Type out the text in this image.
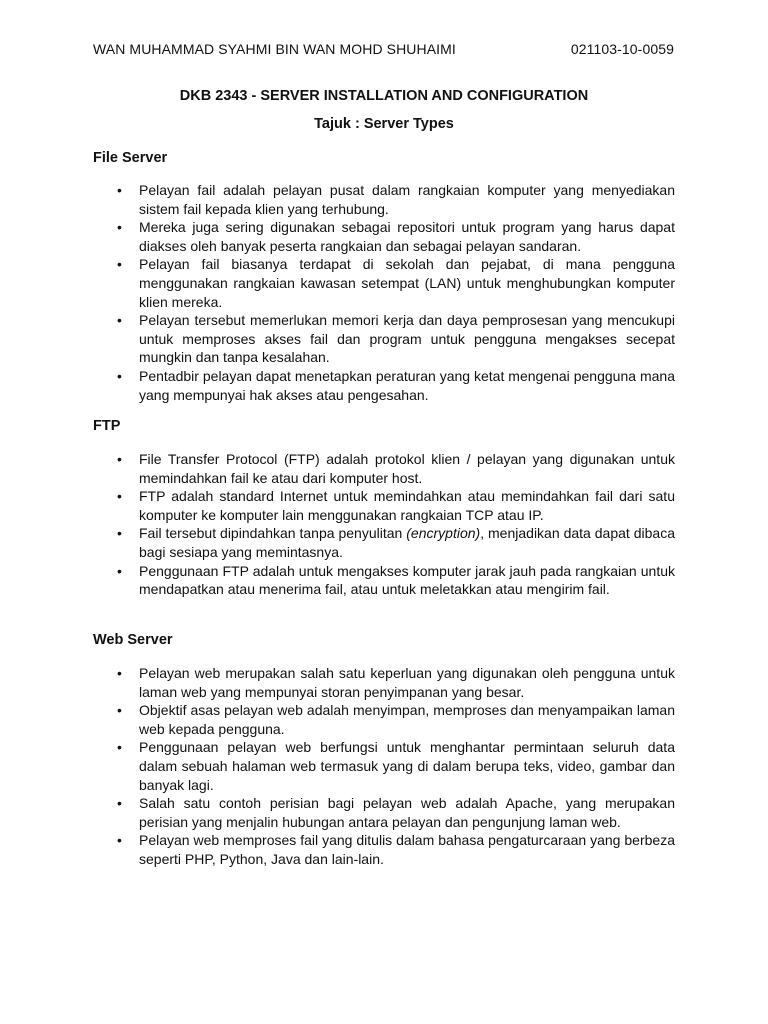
WAN MUHAMMAD SYAHMI BIN WAN MOHD SHUHAIMI	021103-10-0059
DKB 2343 - SERVER INSTALLATION AND CONFIGURATION
Tajuk : Server Types
File Server
• Pelayan fail adalah pelayan pusat dalam rangkaian komputer yang menyediakan sistem fail kepada klien yang terhubung.
• Mereka juga sering digunakan sebagai repositori untuk program yang harus dapat diakses oleh banyak peserta rangkaian dan sebagai pelayan sandaran.
• Pelayan fail biasanya terdapat di sekolah dan pejabat, di mana pengguna menggunakan rangkaian kawasan setempat (LAN) untuk menghubungkan komputer klien mereka.
• Pelayan tersebut memerlukan memori kerja dan daya pemprosesan yang mencukupi untuk memproses akses fail dan program untuk pengguna mengakses secepat mungkin dan tanpa kesalahan.
• Pentadbir pelayan dapat menetapkan peraturan yang ketat mengenai pengguna mana yang mempunyai hak akses atau pengesahan.
FTP
• File Transfer Protocol (FTP) adalah protokol klien / pelayan yang digunakan untuk memindahkan fail ke atau dari komputer host.
• FTP adalah standard Internet untuk memindahkan atau memindahkan fail dari satu komputer ke komputer lain menggunakan rangkaian TCP atau IP.
• Fail tersebut dipindahkan tanpa penyulitan (encryption), menjadikan data dapat dibaca bagi sesiapa yang memintasnya.
• Penggunaan FTP adalah untuk mengakses komputer jarak jauh pada rangkaian untuk mendapatkan atau menerima fail, atau untuk meletakkan atau mengirim fail.
Web Server
• Pelayan web merupakan salah satu keperluan yang digunakan oleh pengguna untuk laman web yang mempunyai storan penyimpanan yang besar.
• Objektif asas pelayan web adalah menyimpan, memproses dan menyampaikan laman web kepada pengguna.
• Penggunaan pelayan web berfungsi untuk menghantar permintaan seluruh data dalam sebuah halaman web termasuk yang di dalam berupa teks, video, gambar dan banyak lagi.
• Salah satu contoh perisian bagi pelayan web adalah Apache, yang merupakan perisian yang menjalin hubungan antara pelayan dan pengunjung laman web.
• Pelayan web memproses fail yang ditulis dalam bahasa pengaturcaraan yang berbeza seperti PHP, Python, Java dan lain-lain.
